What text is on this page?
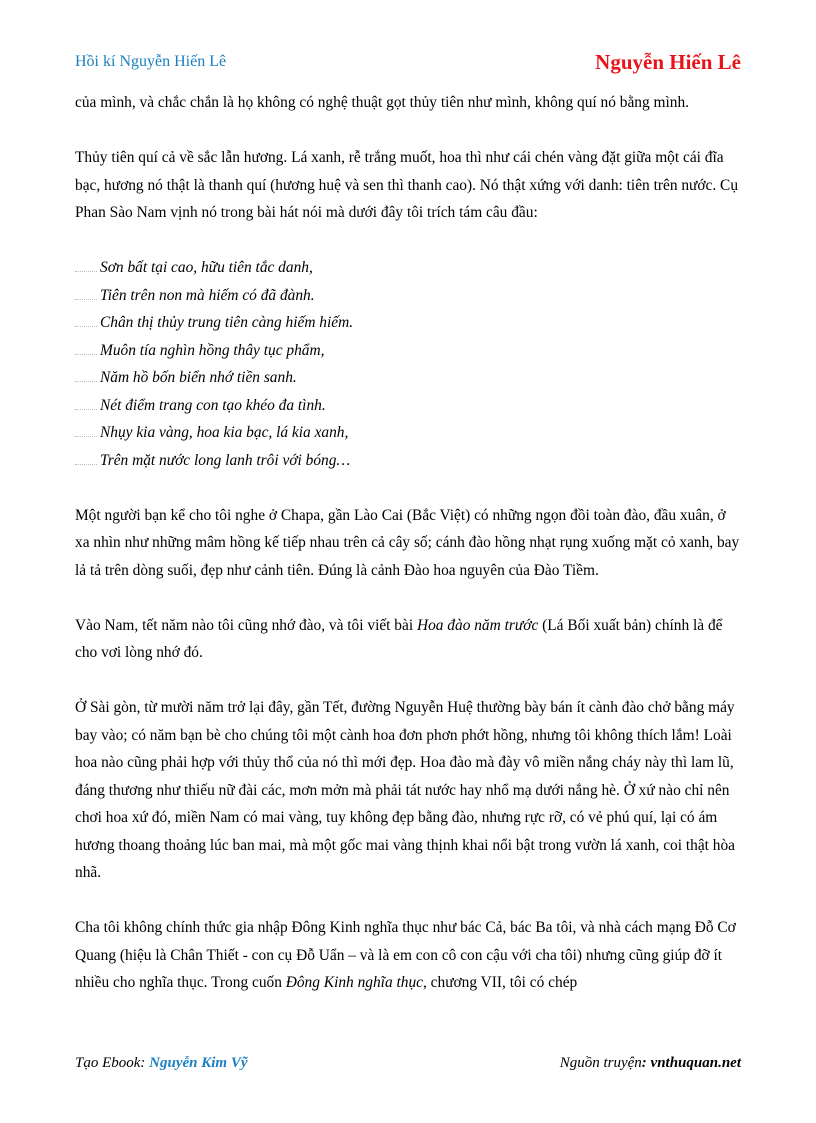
Hồi kí Nguyễn Hiến Lê	Nguyễn Hiến Lê

của mình, và chắc chắn là họ không có nghệ thuật gọt thủy tiên như mình, không quí nó bằng mình.

Thủy tiên quí cả về sắc lẫn hương. Lá xanh, rễ trắng muốt, hoa thì như cái chén vàng đặt giữa một cái đĩa bạc, hương nó thật là thanh quí (hương huệ và sen thì thanh cao). Nó thật xứng với danh: tiên trên nước. Cụ Phan Sào Nam vịnh nó trong bài hát nói mà dưới đây tôi trích tám câu đầu:

Sơn bất tại cao, hữu tiên tắc danh,
Tiên trên non mà hiếm có đã đành.
Chân thị thủy trung tiên càng hiếm hiếm.
Muôn tía nghìn hồng thây tục phẩm,
Năm hồ bốn biển nhớ tiền sanh.
Nét điểm trang con tạo khéo đa tình.
Nhụy kia vàng, hoa kia bạc, lá kia xanh,
Trên mặt nước long lanh trôi với bóng…

Một người bạn kể cho tôi nghe ở Chapa, gần Lào Cai (Bắc Việt) có những ngọn đồi toàn đào, đầu xuân, ở xa nhìn như những mâm hồng kế tiếp nhau trên cả cây số; cánh đào hồng nhạt rụng xuống mặt cỏ xanh, bay lả tả trên dòng suối, đẹp như cảnh tiên. Đúng là cảnh Đào hoa nguyên của Đào Tiềm.

Vào Nam, tết năm nào tôi cũng nhớ đào, và tôi viết bài Hoa đào năm trước (Lá Bối xuất bản) chính là để cho vơi lòng nhớ đó.

Ở Sài gòn, từ mười năm trở lại đây, gần Tết, đường Nguyễn Huệ thường bày bán ít cành đào chở bằng máy bay vào; có năm bạn bè cho chúng tôi một cành hoa đơn phơn phớt hồng, nhưng tôi không thích lắm! Loài hoa nào cũng phải hợp với thủy thổ của nó thì mới đẹp. Hoa đào mà đày vô miền nắng cháy này thì lam lũ, đáng thương như thiếu nữ đài các, mơn mởn mà phải tát nước hay nhổ mạ dưới nắng hè. Ở xứ nào chỉ nên chơi hoa xứ đó, miền Nam có mai vàng, tuy không đẹp bằng đào, nhưng rực rỡ, có vẻ phú quí, lại có ám hương thoang thoảng lúc ban mai, mà một gốc mai vàng thịnh khai nổi bật trong vườn lá xanh, coi thật hòa nhã.

Cha tôi không chính thức gia nhập Đông Kinh nghĩa thục như bác Cả, bác Ba tôi, và nhà cách mạng Đỗ Cơ Quang (hiệu là Chân Thiết - con cụ Đỗ Uẩn – và là em con cô con cậu với cha tôi) nhưng cũng giúp đỡ ít nhiều cho nghĩa thục. Trong cuốn Đông Kinh nghĩa thục, chương VII, tôi có chép

Tạo Ebook: Nguyễn Kim Vỹ	Nguồn truyện: vnthuquan.net
